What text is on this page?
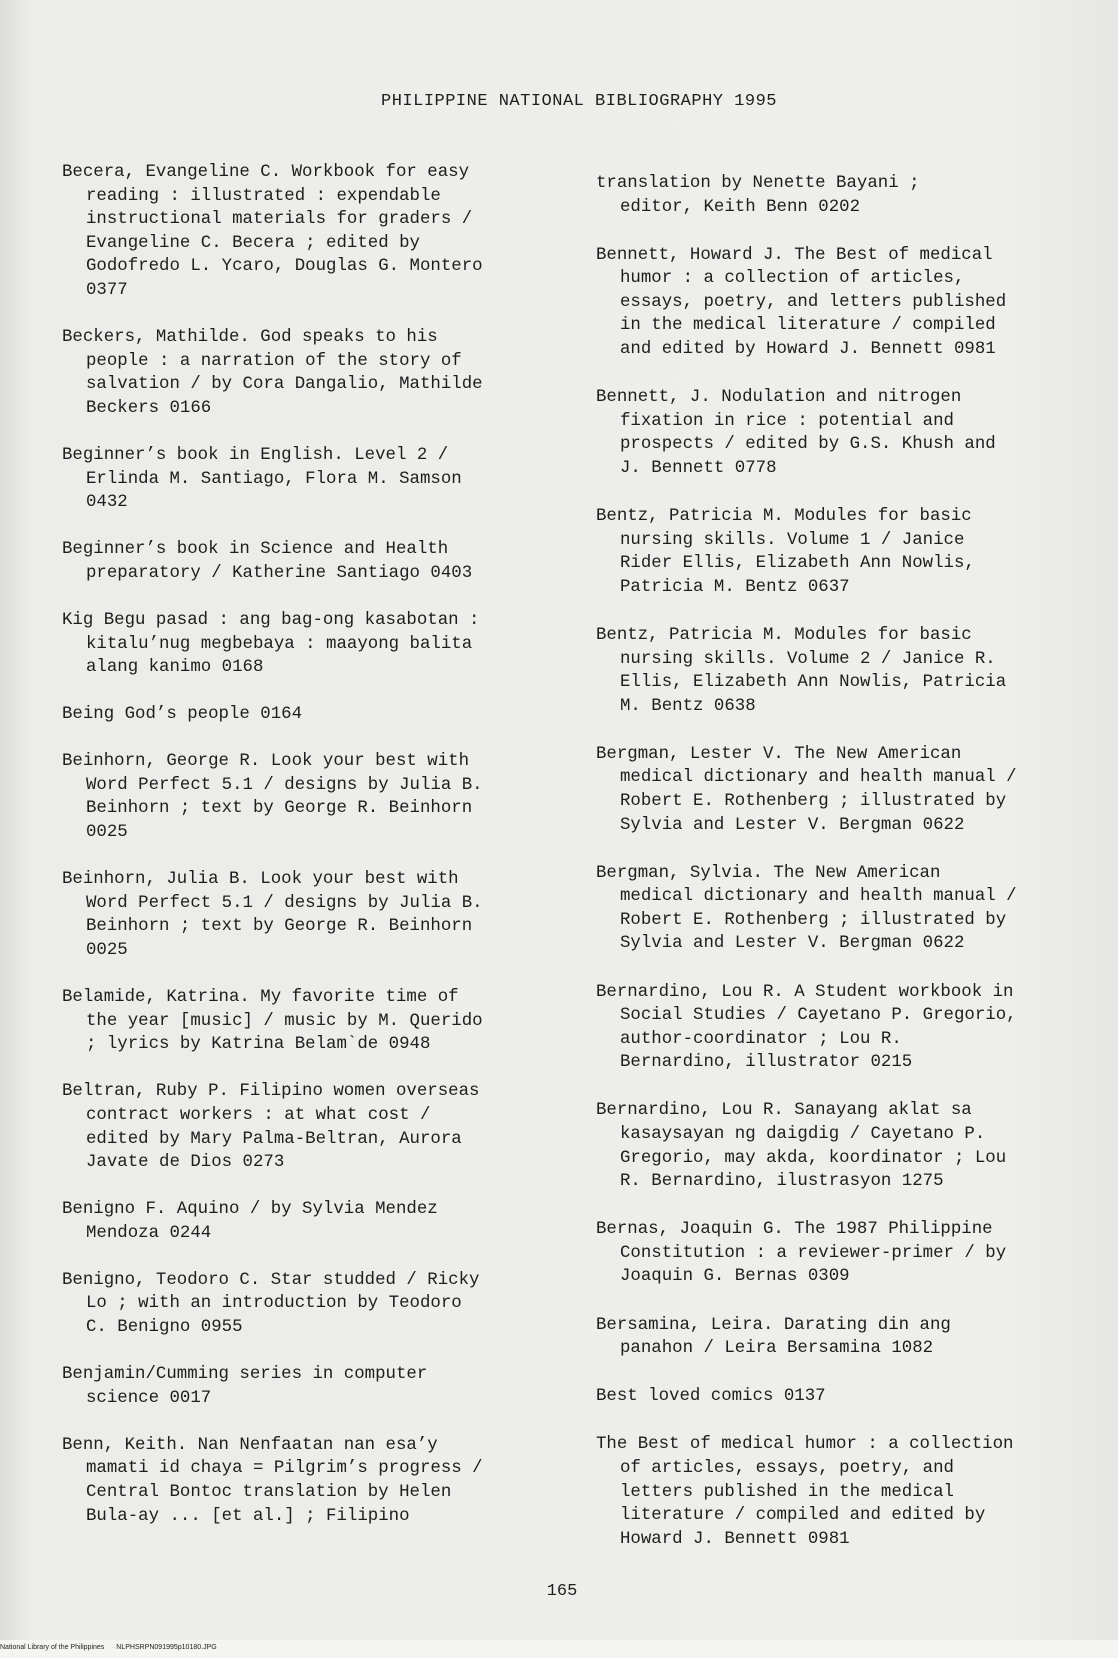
PHILIPPINE NATIONAL BIBLIOGRAPHY 1995
Becera, Evangeline C. Workbook for easy
reading : illustrated : expendable
instructional materials for graders /
Evangeline C. Becera ; edited by
Godofredo L. Ycaro, Douglas G. Montero
0377
Beckers, Mathilde. God speaks to his
people : a narration of the story of
salvation / by Cora Dangalio, Mathilde
Beckers 0166
Beginner’s book in English. Level 2 /
Erlinda M. Santiago, Flora M. Samson
0432
Beginner’s book in Science and Health
preparatory / Katherine Santiago 0403
Kig Begu pasad : ang bag-ong kasabotan :
kitalu’nug megbebaya : maayong balita
alang kanimo 0168
Being God’s people 0164
Beinhorn, George R. Look your best with
Word Perfect 5.1 / designs by Julia B.
Beinhorn ; text by George R. Beinhorn
0025
Beinhorn, Julia B. Look your best with
Word Perfect 5.1 / designs by Julia B.
Beinhorn ; text by George R. Beinhorn
0025
Belamide, Katrina. My favorite time of
the year [music] / music by M. Querido
; lyrics by Katrina Belam`de 0948
Beltran, Ruby P. Filipino women overseas
contract workers : at what cost /
edited by Mary Palma-Beltran, Aurora
Javate de Dios 0273
Benigno F. Aquino / by Sylvia Mendez
Mendoza 0244
Benigno, Teodoro C. Star studded / Ricky
Lo ; with an introduction by Teodoro
C. Benigno 0955
Benjamin/Cumming series in computer
science 0017
Benn, Keith. Nan Nenfaatan nan esa’y
mamati id chaya = Pilgrim’s progress /
Central Bontoc translation by Helen
Bula-ay ... [et al.] ; Filipino
translation by Nenette Bayani ;
editor, Keith Benn 0202
Bennett, Howard J. The Best of medical
humor : a collection of articles,
essays, poetry, and letters published
in the medical literature / compiled
and edited by Howard J. Bennett 0981
Bennett, J. Nodulation and nitrogen
fixation in rice : potential and
prospects / edited by G.S. Khush and
J. Bennett 0778
Bentz, Patricia M. Modules for basic
nursing skills. Volume 1 / Janice
Rider Ellis, Elizabeth Ann Nowlis,
Patricia M. Bentz 0637
Bentz, Patricia M. Modules for basic
nursing skills. Volume 2 / Janice R.
Ellis, Elizabeth Ann Nowlis, Patricia
M. Bentz 0638
Bergman, Lester V. The New American
medical dictionary and health manual /
Robert E. Rothenberg ; illustrated by
Sylvia and Lester V. Bergman 0622
Bergman, Sylvia. The New American
medical dictionary and health manual /
Robert E. Rothenberg ; illustrated by
Sylvia and Lester V. Bergman 0622
Bernardino, Lou R. A Student workbook in
Social Studies / Cayetano P. Gregorio,
author-coordinator ; Lou R.
Bernardino, illustrator 0215
Bernardino, Lou R. Sanayang aklat sa
kasaysayan ng daigdig / Cayetano P.
Gregorio, may akda, koordinator ; Lou
R. Bernardino, ilustrasyon 1275
Bernas, Joaquin G. The 1987 Philippine
Constitution : a reviewer-primer / by
Joaquin G. Bernas 0309
Bersamina, Leira. Darating din ang
panahon / Leira Bersamina 1082
Best loved comics 0137
The Best of medical humor : a collection
of articles, essays, poetry, and
letters published in the medical
literature / compiled and edited by
Howard J. Bennett 0981
165
National Library of the Philippines NLPHSRPN091995p10180.JPG
